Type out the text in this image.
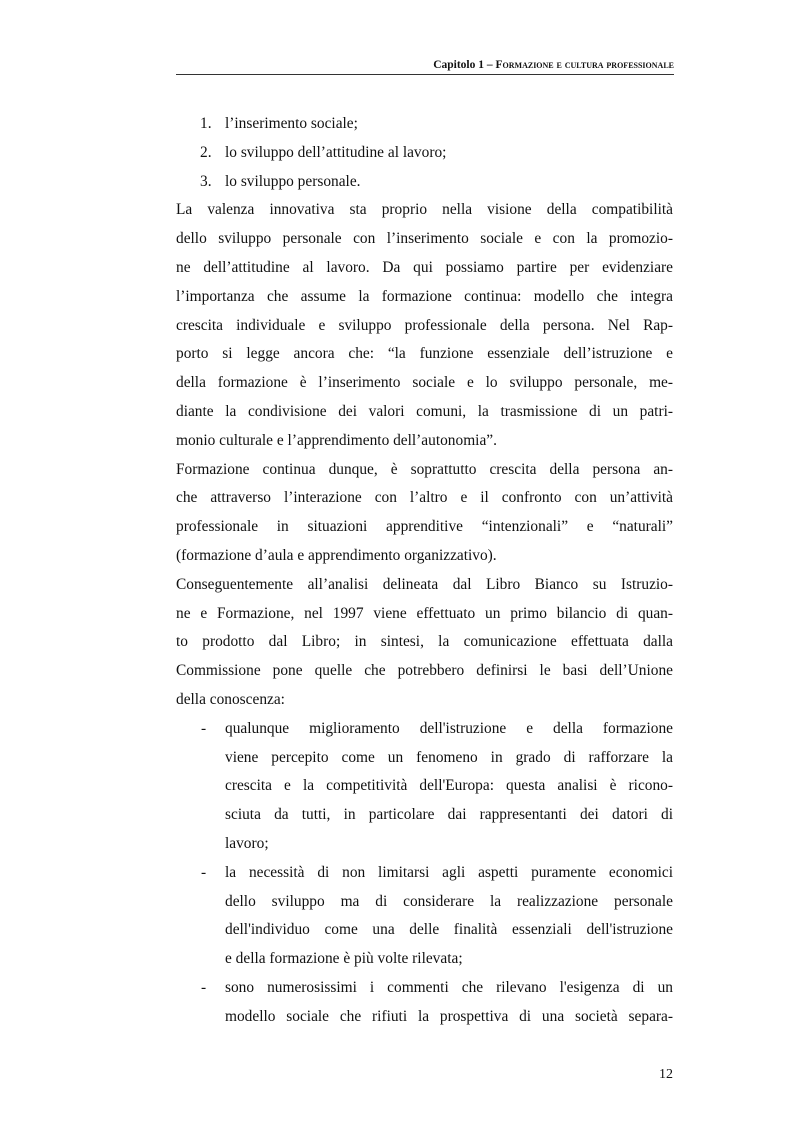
Capitolo 1 – Formazione e cultura professionale
1. l’inserimento sociale;
2. lo sviluppo dell’attitudine al lavoro;
3. lo sviluppo personale.
La valenza innovativa sta proprio nella visione della compatibilità
dello sviluppo personale con l’inserimento sociale e con la promozio-
ne dell’attitudine al lavoro. Da qui possiamo partire per evidenziare
l’importanza che assume la formazione continua: modello che integra
crescita individuale e sviluppo professionale della persona. Nel Rap-
porto si legge ancora che: “la funzione essenziale dell’istruzione e
della formazione è l’inserimento sociale e lo sviluppo personale, me-
diante la condivisione dei valori comuni, la trasmissione di un patri-
monio culturale e l’apprendimento dell’autonomia”.
Formazione continua dunque, è soprattutto crescita della persona an-
che attraverso l’interazione con l’altro e il confronto con un’attività
professionale in situazioni apprenditive “intenzionali” e “naturali”
(formazione d’aula e apprendimento organizzativo).
Conseguentemente all’analisi delineata dal Libro Bianco su Istruzio-
ne e Formazione, nel 1997 viene effettuato un primo bilancio di quan-
to prodotto dal Libro; in sintesi, la comunicazione effettuata dalla
Commissione pone quelle che potrebbero definirsi le basi dell’Unione
della conoscenza:
- qualunque miglioramento dell'istruzione e della formazione
viene percepito come un fenomeno in grado di rafforzare la
crescita e la competitività dell'Europa: questa analisi è ricono-
sciuta da tutti, in particolare dai rappresentanti dei datori di
lavoro;
- la necessità di non limitarsi agli aspetti puramente economici
dello sviluppo ma di considerare la realizzazione personale
dell'individuo come una delle finalità essenziali dell'istruzione
e della formazione è più volte rilevata;
- sono numerosissimi i commenti che rilevano l'esigenza di un
modello sociale che rifiuti la prospettiva di una società separa-
12
